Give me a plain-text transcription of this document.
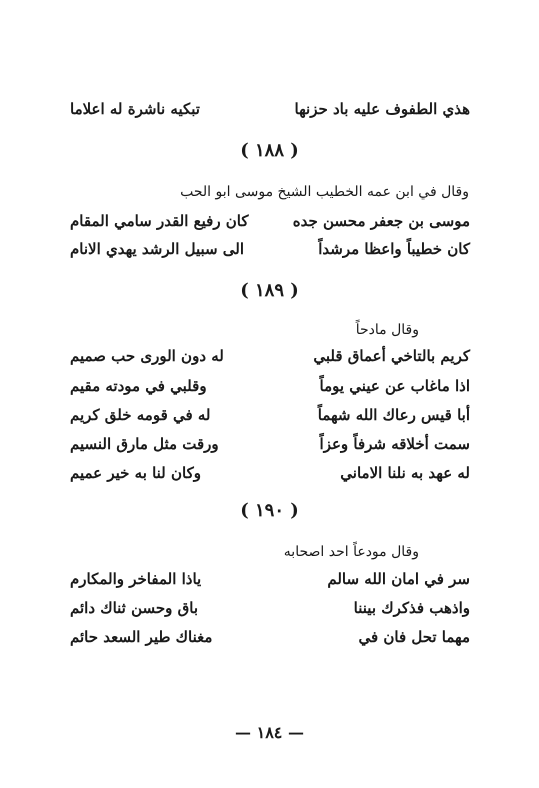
هذي الطفوف عليه باد حزنها
تبكيه ناشرة له اعلاما
( ١٨٨ )
وقال في ابن عمه الخطيب الشيخ موسى ابو الحب
موسى بن جعفر محسن جده
كان رفيع القدر سامي المقام
كان خطيباً واعظا مرشداً
الى سبيل الرشد يهدي الانام
( ١٨٩ )
وقال مادحاً
كريم بالتاخي أعماق قلبي
له دون الورى حب صميم
اذا ماغاب عن عيني يوماً
وقلبي في مودته مقيم
أبا قيس رعاك الله شهماً
له في قومه خلق كريم
سمت أخلاقه شرفاً وعزاً
ورقت مثل مارق النسيم
له عهد به نلنا الاماني
وكان لنا به خير عميم
( ١٩٠ )
وقال مودعاً احد اصحابه
سر في امان الله سالم
ياذا المفاخر والمكارم
واذهب فذكرك بيننا
باق وحسن ثناك دائم
مهما تحل فان في
مغناك طير السعد حائم
— ١٨٤ —
